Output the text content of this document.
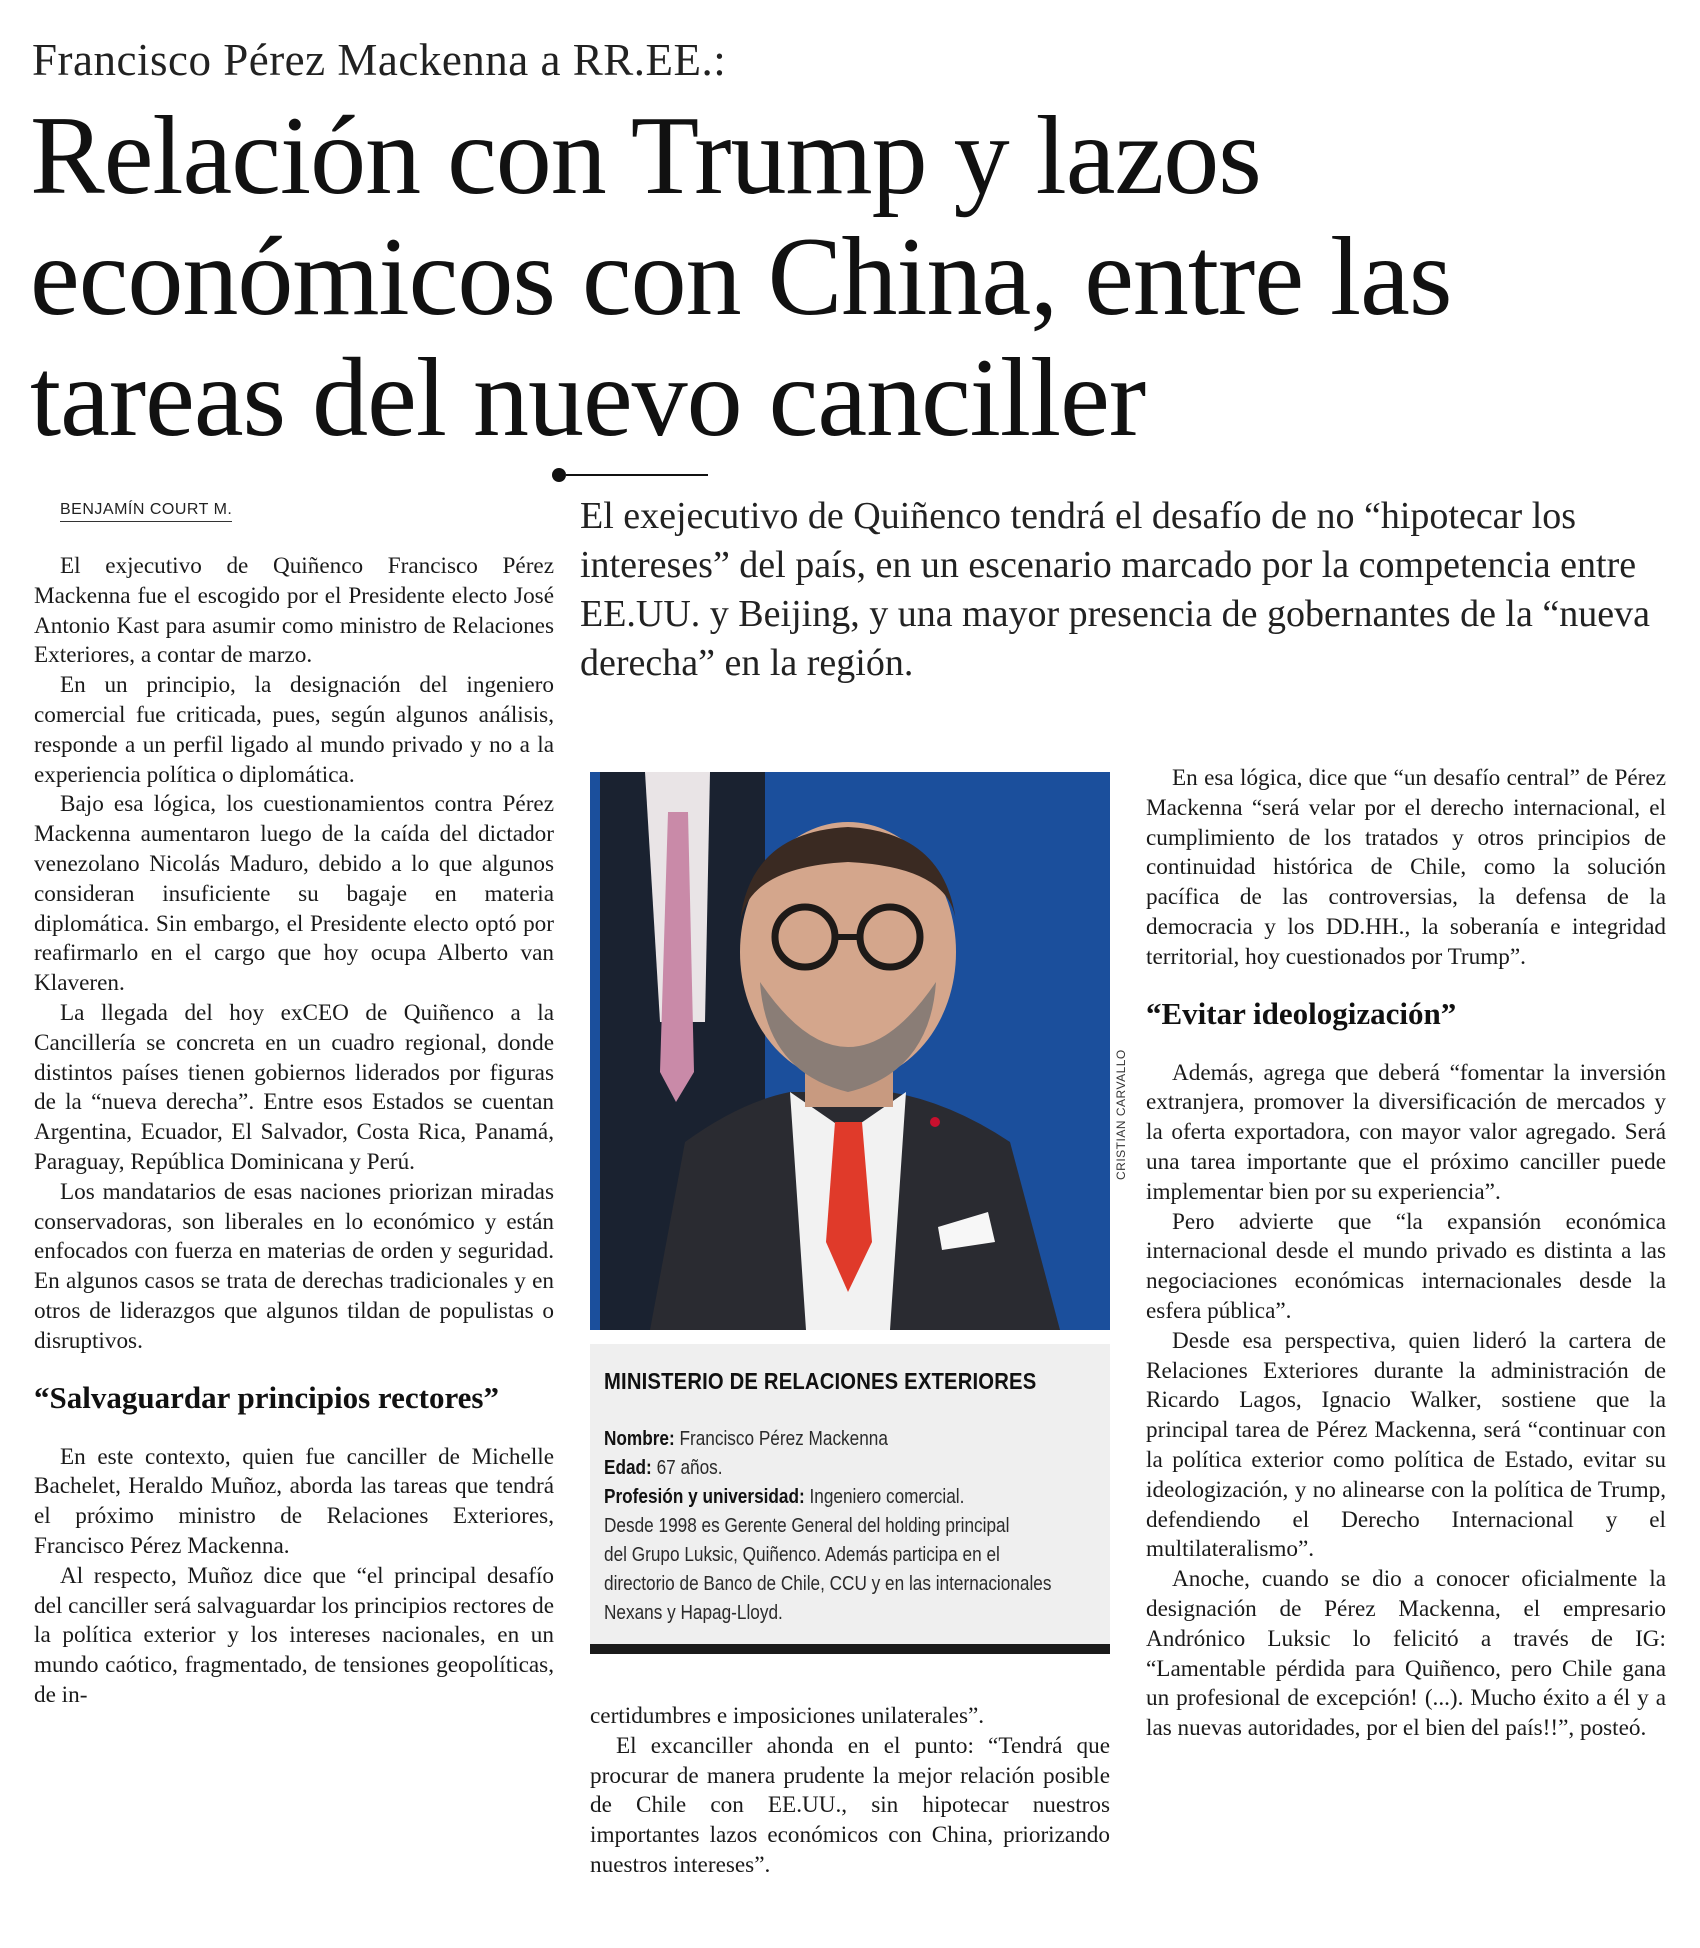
Francisco Pérez Mackenna a RR.EE.:
Relación con Trump y lazos económicos con China, entre las tareas del nuevo canciller
BENJAMÍN COURT M.	El exejecutivo de Quiñenco tendrá el desafío de no “hipotecar los intereses” del país, en un escenario marcado por la competencia entre EE.UU. y Beijing, y una mayor presencia de gobernantes de la “nueva derecha” en la región.

El exjecutivo de Quiñenco Francisco Pérez Mackenna fue el escogido por el Presidente electo José Antonio Kast para asumir como ministro de Relaciones Exteriores, a contar de marzo.

En un principio, la designación del ingeniero comercial fue criticada, pues, según algunos análisis, responde a un perfil ligado al mundo privado y no a la experiencia política o diplomática.

Bajo esa lógica, los cuestionamientos contra Pérez Mackenna aumentaron luego de la caída del dictador venezolano Nicolás Maduro, debido a lo que algunos consideran insuficiente su bagaje en materia diplomática. Sin embargo, el Presidente electo optó por reafirmarlo en el cargo que hoy ocupa Alberto van Klaveren.

La llegada del hoy exCEO de Quiñenco a la Cancillería se concreta en un cuadro regional, donde distintos países tienen gobiernos liderados por figuras de la “nueva derecha”. Entre esos Estados se cuentan Argentina, Ecuador, El Salvador, Costa Rica, Panamá, Paraguay, República Dominicana y Perú.

Los mandatarios de esas naciones priorizan miradas conservadoras, son liberales en lo económico y están enfocados con fuerza en materias de orden y seguridad. En algunos casos se trata de derechas tradicionales y en otros de liderazgos que algunos tildan de populistas o disruptivos.

“Salvaguardar principios rectores”

En este contexto, quien fue canciller de Michelle Bachelet, Heraldo Muñoz, aborda las tareas que tendrá el próximo ministro de Relaciones Exteriores, Francisco Pérez Mackenna.

Al respecto, Muñoz dice que “el principal desafío del canciller será salvaguardar los principios rectores de la política exterior y los intereses nacionales, en un mundo caótico, fragmentado, de tensiones geopolíticas, de in-

CRISTIAN CARVALLO
MINISTERIO DE RELACIONES EXTERIORES
Nombre: Francisco Pérez Mackenna
Edad: 67 años.
Profesión y universidad: Ingeniero comercial.
Desde 1998 es Gerente General del holding principal
del Grupo Luksic, Quiñenco. Además participa en el
directorio de Banco de Chile, CCU y en las internacionales
Nexans y Hapag-Lloyd.

certidumbres e imposiciones unilaterales”.

El excanciller ahonda en el punto: “Tendrá que procurar de manera prudente la mejor relación posible de Chile con EE.UU., sin hipotecar nuestros importantes lazos económicos con China, priorizando nuestros intereses”.

En esa lógica, dice que “un desafío central” de Pérez Mackenna “será velar por el derecho internacional, el cumplimiento de los tratados y otros principios de continuidad histórica de Chile, como la solución pacífica de las controversias, la defensa de la democracia y los DD.HH., la soberanía e integridad territorial, hoy cuestionados por Trump”.

“Evitar ideologización”

Además, agrega que deberá “fomentar la inversión extranjera, promover la diversificación de mercados y la oferta exportadora, con mayor valor agregado. Será una tarea importante que el próximo canciller puede implementar bien por su experiencia”.

Pero advierte que “la expansión económica internacional desde el mundo privado es distinta a las negociaciones económicas internacionales desde la esfera pública”.

Desde esa perspectiva, quien lideró la cartera de Relaciones Exteriores durante la administración de Ricardo Lagos, Ignacio Walker, sostiene que la principal tarea de Pérez Mackenna, será “continuar con la política exterior como política de Estado, evitar su ideologización, y no alinearse con la política de Trump, defendiendo el Derecho Internacional y el multilateralismo”.

Anoche, cuando se dio a conocer oficialmente la designación de Pérez Mackenna, el empresario Andrónico Luksic lo felicitó a través de IG: “Lamentable pérdida para Quiñenco, pero Chile gana un profesional de excepción! (...). Mucho éxito a él y a las nuevas autoridades, por el bien del país!!”, posteó.
